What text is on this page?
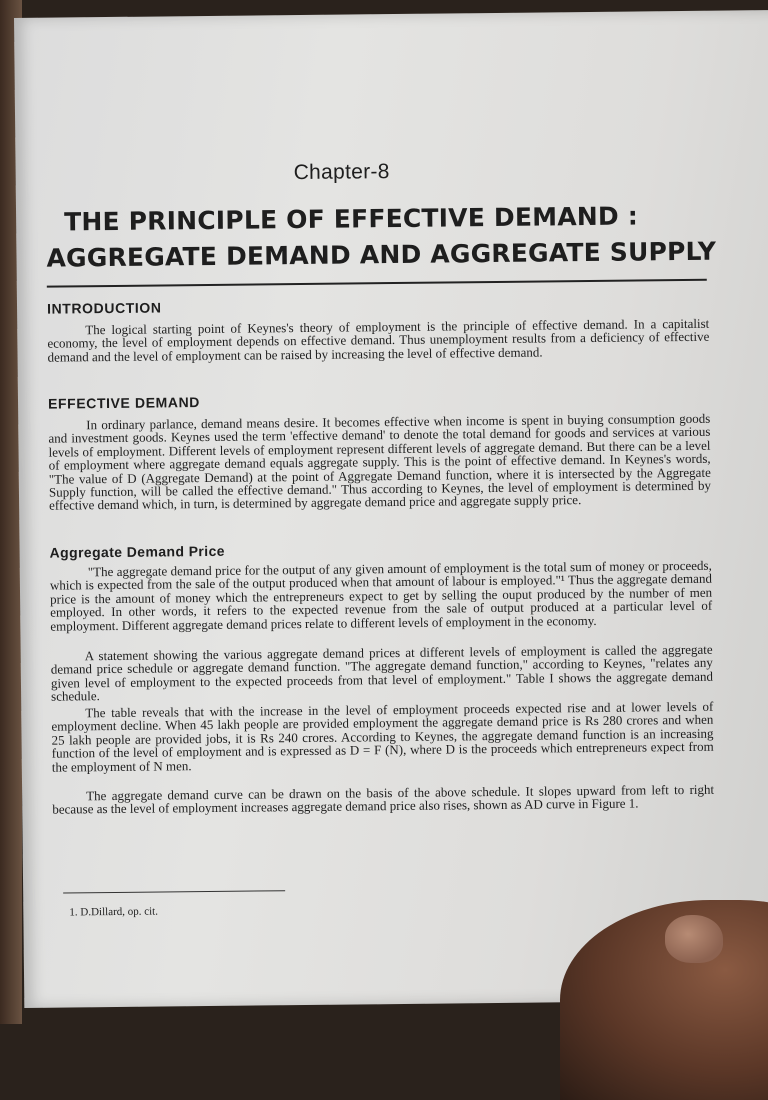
Chapter-8
THE PRINCIPLE OF EFFECTIVE DEMAND :
AGGREGATE DEMAND AND AGGREGATE SUPPLY
INTRODUCTION
The logical starting point of Keynes's theory of employment is the principle of effective demand. In a capitalist economy, the level of employment depends on effective demand. Thus unemployment results from a deficiency of effective demand and the level of employment can be raised by increasing the level of effective demand.
EFFECTIVE DEMAND
In ordinary parlance, demand means desire. It becomes effective when income is spent in buying consumption goods and investment goods. Keynes used the term 'effective demand' to denote the total demand for goods and services at various levels of employment. Different levels of employment represent different levels of aggregate demand. But there can be a level of employment where aggregate demand equals aggregate supply. This is the point of effective demand. In Keynes's words, "The value of D (Aggregate Demand) at the point of Aggregate Demand function, where it is intersected by the Aggregate Supply function, will be called the effective demand." Thus according to Keynes, the level of employment is determined by effective demand which, in turn, is determined by aggregate demand price and aggregate supply price.
Aggregate Demand Price
"The aggregate demand price for the output of any given amount of employment is the total sum of money or proceeds, which is expected from the sale of the output produced when that amount of labour is employed."¹ Thus the aggregate demand price is the amount of money which the entrepreneurs expect to get by selling the ouput produced by the number of men employed. In other words, it refers to the expected revenue from the sale of output produced at a particular level of employment. Different aggregate demand prices relate to different levels of employment in the economy.
A statement showing the various aggregate demand prices at different levels of employment is called the aggregate demand price schedule or aggregate demand function. "The aggregate demand function," according to Keynes, "relates any given level of employment to the expected proceeds from that level of employment." Table I shows the aggregate demand schedule.
The table reveals that with the increase in the level of employment proceeds expected rise and at lower levels of employment decline. When 45 lakh people are provided employment the aggregate demand price is Rs 280 crores and when 25 lakh people are provided jobs, it is Rs 240 crores. According to Keynes, the aggregate demand function is an increasing function of the level of employment and is expressed as D = F (N), where D is the proceeds which entrepreneurs expect from the employment of N men.
The aggregate demand curve can be drawn on the basis of the above schedule. It slopes upward from left to right because as the level of employment increases aggregate demand price also rises, shown as AD curve in Figure 1.
1. D.Dillard, op. cit.
